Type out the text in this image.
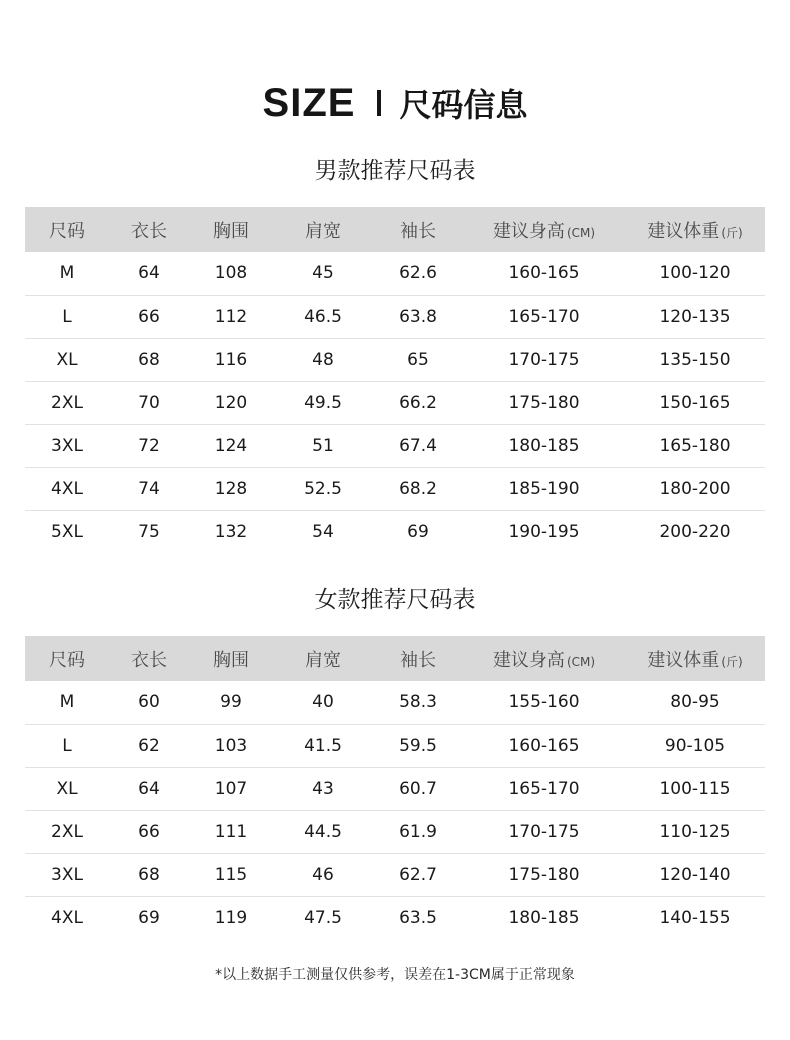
SIZE 尺码信息
男款推荐尺码表
尺码	衣长	胸围	肩宽	袖长	建议身高 (CM)	建议体重 (斤)
M	64	108	45	62.6	160-165	100-120
L	66	112	46.5	63.8	165-170	120-135
XL	68	116	48	65	170-175	135-150
2XL	70	120	49.5	66.2	175-180	150-165
3XL	72	124	51	67.4	180-185	165-180
4XL	74	128	52.5	68.2	185-190	180-200
5XL	75	132	54	69	190-195	200-220
女款推荐尺码表
尺码	衣长	胸围	肩宽	袖长	建议身高 (CM)	建议体重 (斤)
M	60	99	40	58.3	155-160	80-95
L	62	103	41.5	59.5	160-165	90-105
XL	64	107	43	60.7	165-170	100-115
2XL	66	111	44.5	61.9	170-175	110-125
3XL	68	115	46	62.7	175-180	120-140
4XL	69	119	47.5	63.5	180-185	140-155
*以上数据手工测量仅供参考，误差在1-3CM属于正常现象
